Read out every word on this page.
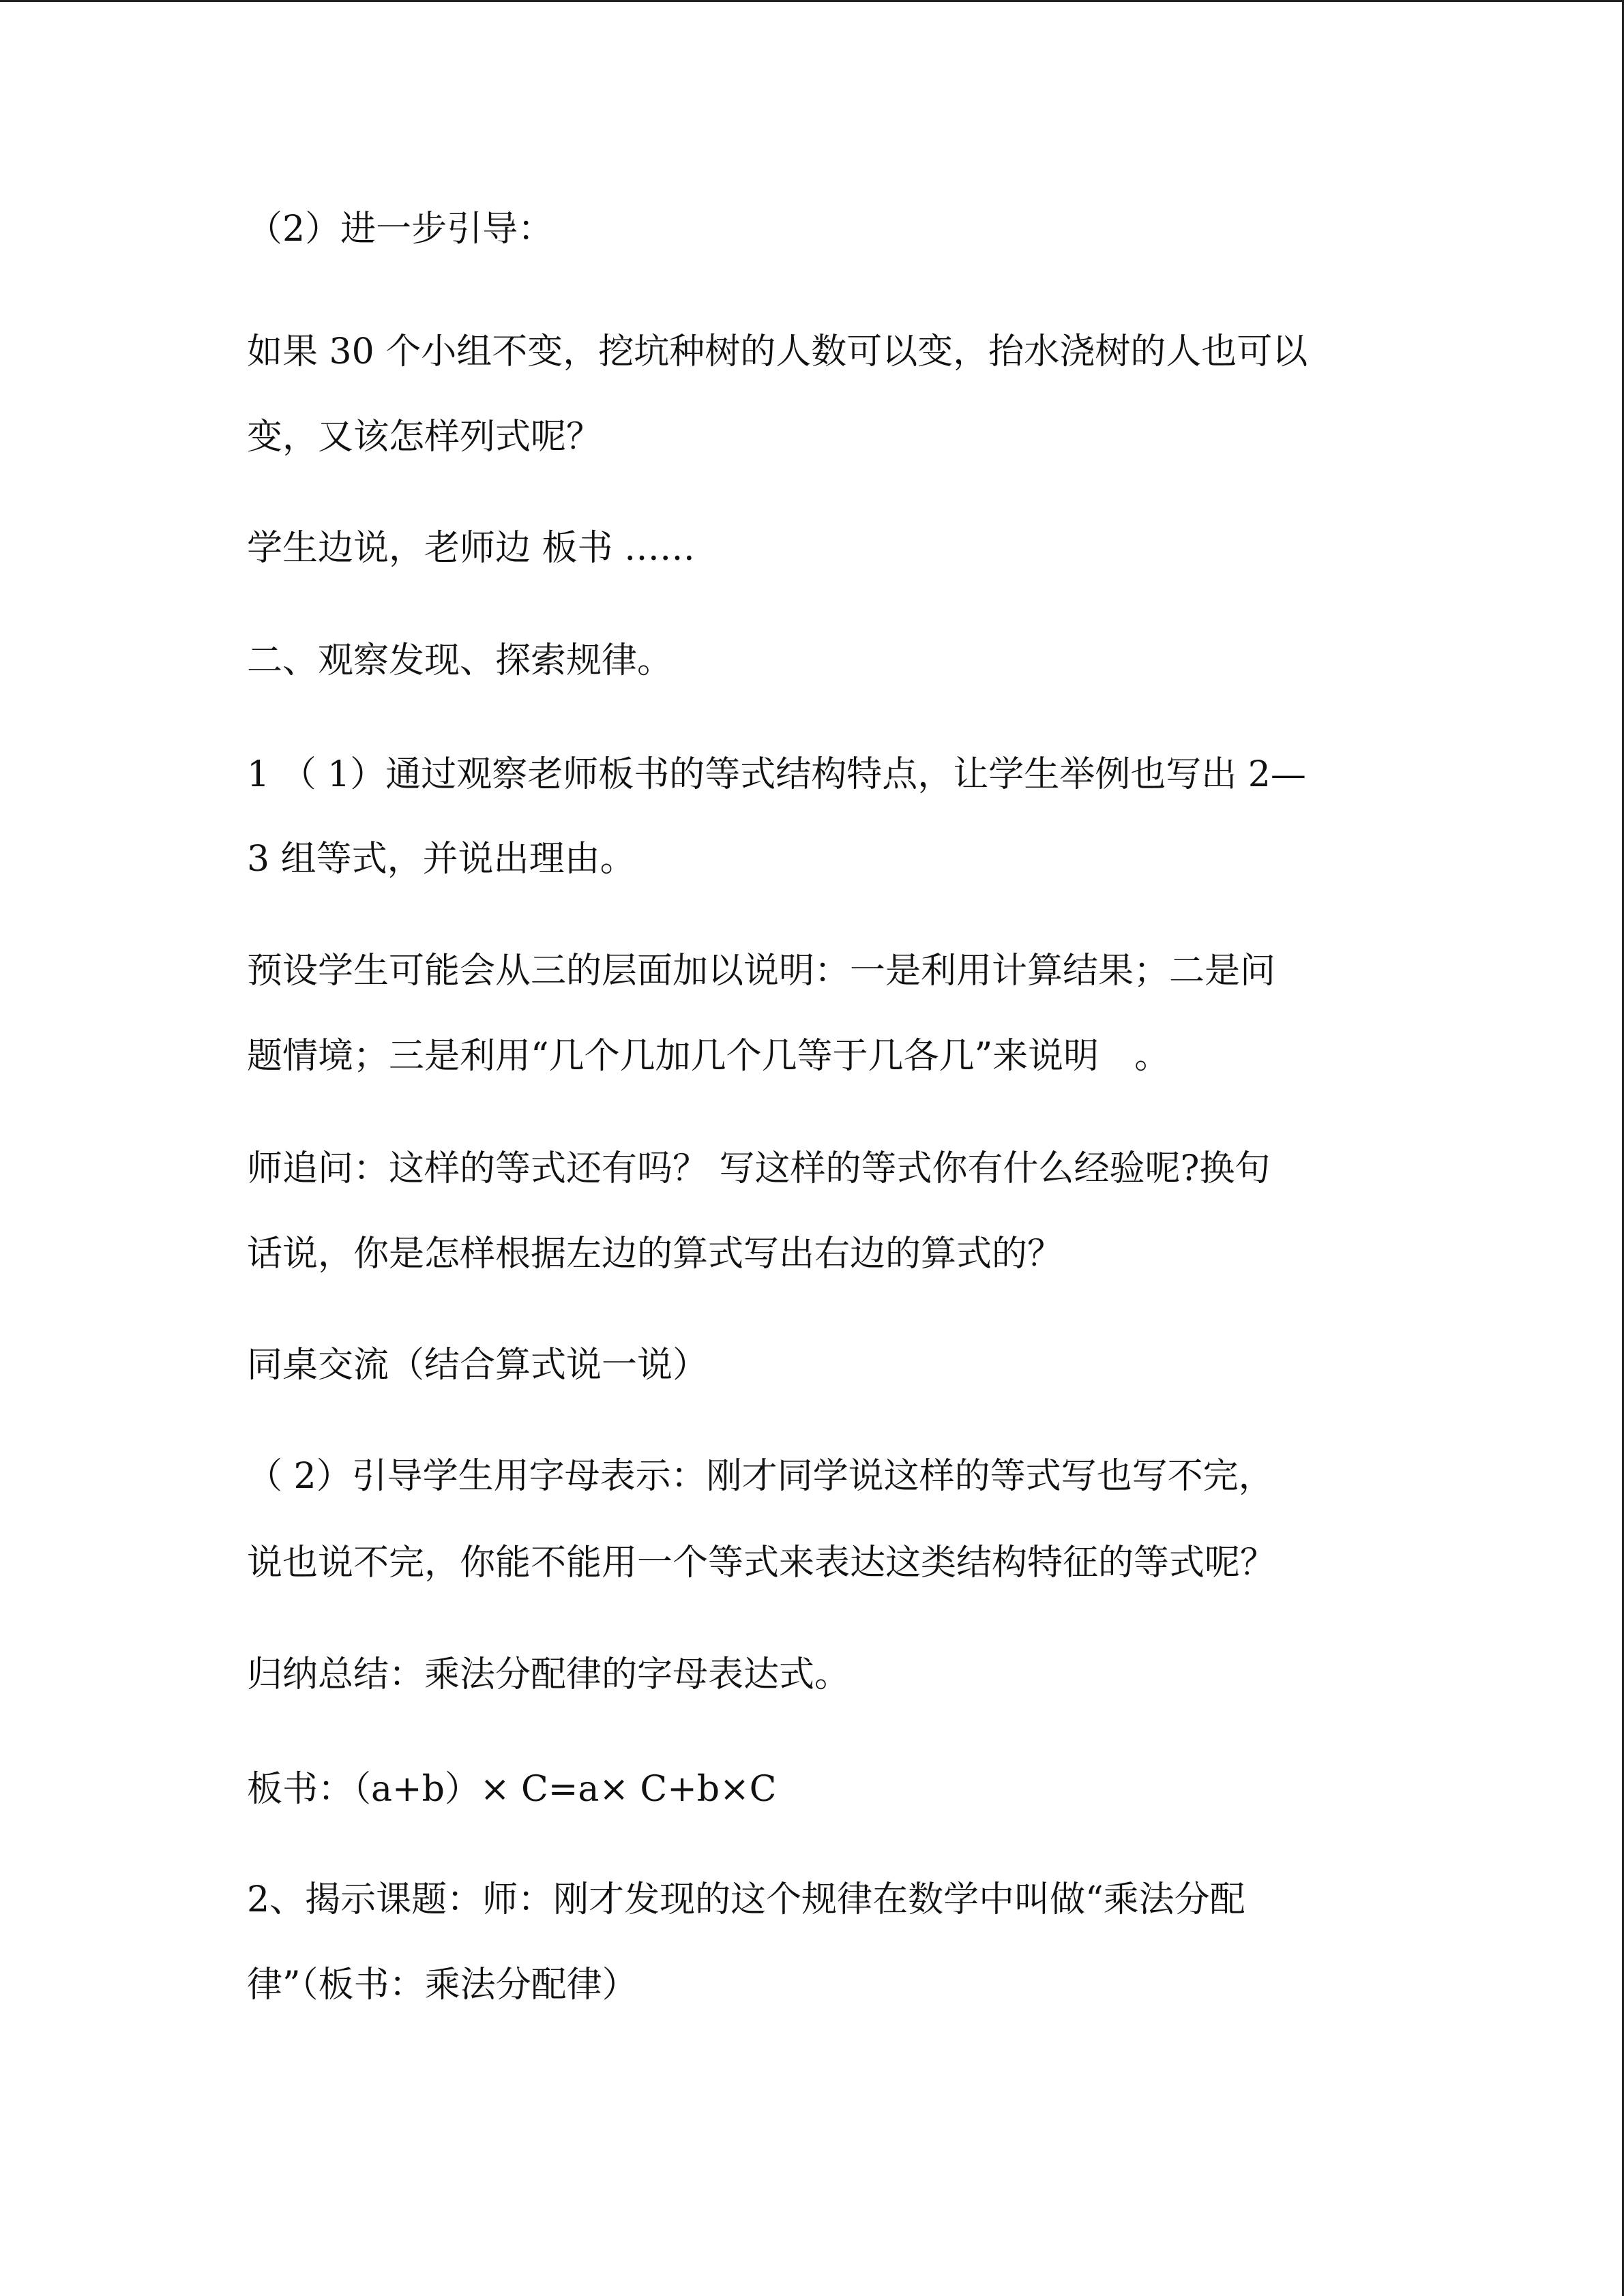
（2）进一步引导：

如果 30 个小组不变，挖坑种树的人数可以变，抬水浇树的人也可以

变，又该怎样列式呢？

学生边说，老师边 板书 ……

二、观察发现、探索规律。

1 （ 1）通过观察老师板书的等式结构特点，让学生举例也写出 2—

3 组等式，并说出理由。

预设学生可能会从三的层面加以说明：一是利用计算结果；二是问

题情境；三是利用“几个几加几个几等于几各几”来说明　。

师追问：这样的等式还有吗？ 写这样的等式你有什么经验呢?换句

话说，你是怎样根据左边的算式写出右边的算式的？

同桌交流（结合算式说一说）

（ 2）引导学生用字母表示：刚才同学说这样的等式写也写不完，

说也说不完，你能不能用一个等式来表达这类结构特征的等式呢？

归纳总结：乘法分配律的字母表达式。

板书：（a+b）× C=a× C+b×C

2、揭示课题：师：刚才发现的这个规律在数学中叫做“乘法分配

律”（板书：乘法分配律）
